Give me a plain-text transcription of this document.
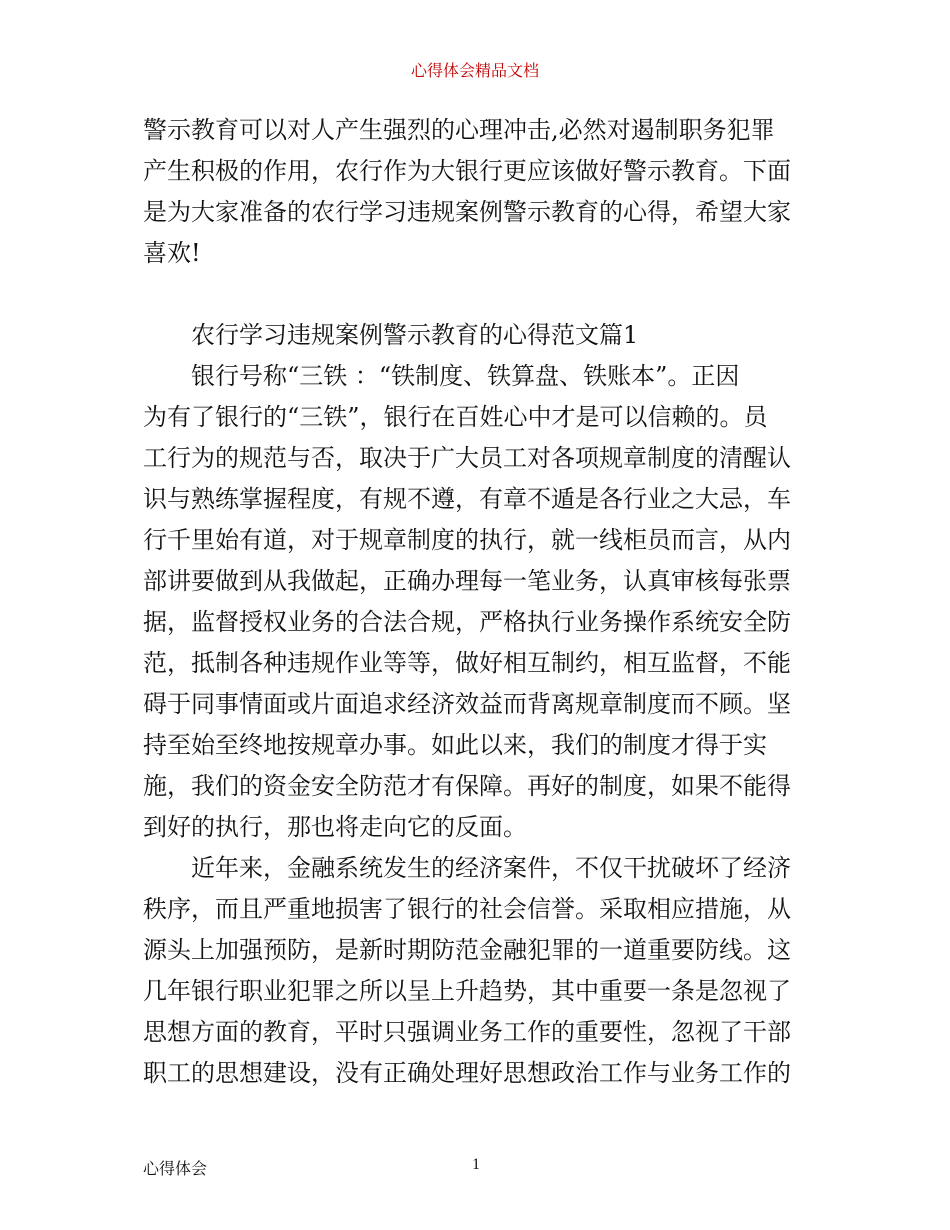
心得体会精品文档
警示教育可以对人产生强烈的心理冲击,必然对遏制职务犯罪
产生积极的作用，农行作为大银行更应该做好警示教育。下面
是为大家准备的农行学习违规案例警示教育的心得，希望大家
喜欢!
农行学习违规案例警示教育的心得范文篇1
银行号称“三铁 ：“铁制度、铁算盘、铁账本”。正因
为有了银行的“三铁”，银行在百姓心中才是可以信赖的。员
工行为的规范与否，取决于广大员工对各项规章制度的清醒认
识与熟练掌握程度，有规不遵，有章不遁是各行业之大忌，车
行千里始有道，对于规章制度的执行，就一线柜员而言，从内
部讲要做到从我做起，正确办理每一笔业务，认真审核每张票
据，监督授权业务的合法合规，严格执行业务操作系统安全防
范，抵制各种违规作业等等，做好相互制约，相互监督，不能
碍于同事情面或片面追求经济效益而背离规章制度而不顾。坚
持至始至终地按规章办事。如此以来，我们的制度才得于实
施，我们的资金安全防范才有保障。再好的制度，如果不能得
到好的执行，那也将走向它的反面。
近年来，金融系统发生的经济案件，不仅干扰破坏了经济
秩序，而且严重地损害了银行的社会信誉。采取相应措施，从
源头上加强预防，是新时期防范金融犯罪的一道重要防线。这
几年银行职业犯罪之所以呈上升趋势，其中重要一条是忽视了
思想方面的教育，平时只强调业务工作的重要性，忽视了干部
职工的思想建设，没有正确处理好思想政治工作与业务工作的
心得体会	1
